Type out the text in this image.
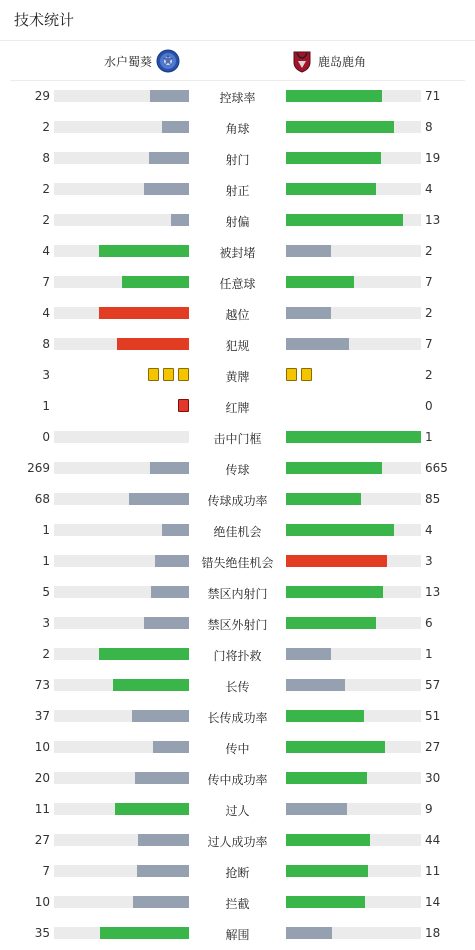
技术统计
水户蜀葵	鹿岛鹿角
29	控球率	71
2	角球	8
8	射门	19
2	射正	4
2	射偏	13
4	被封堵	2
7	任意球	7
4	越位	2
8	犯规	7
3	黄牌	2
1	红牌	0
0	击中门框	1
269	传球	665
68	传球成功率	85
1	绝佳机会	4
1	错失绝佳机会	3
5	禁区内射门	13
3	禁区外射门	6
2	门将扑救	1
73	长传	57
37	长传成功率	51
10	传中	27
20	传中成功率	30
11	过人	9
27	过人成功率	44
7	抢断	11
10	拦截	14
35	解围	18
